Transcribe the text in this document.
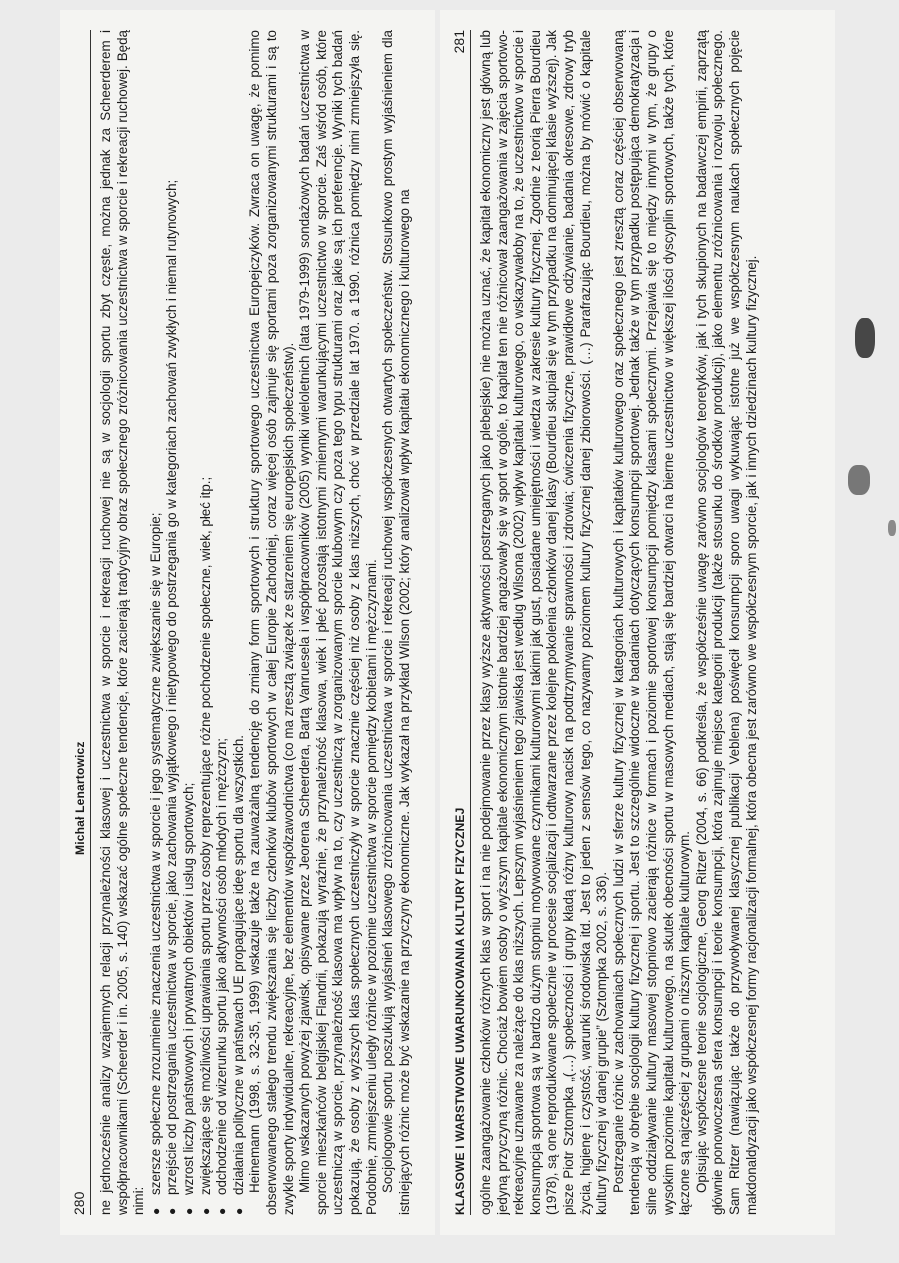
280
Michał Lenartowicz ne jednocześnie analizy wzajemnych relacji przynależności klasowej i uczestnictwa w sporcie i rekreacji ruchowej nie są w socjologii sportu zbyt częste, można jednak za Scheerderem i współpracownikami (Scheerder i in. 2005, s. 140) wskazać ogólne społeczne tendencje, które zacierają tradycyjny obraz społecznego zróżnicowania uczestnictwa w sporcie i rekreacji ruchowej. Będą nimi: ●
szersze społeczne zrozumienie znaczenia uczestnictwa w sporcie i jego systematyczne zwiększanie się w Europie;
●
przejście od postrzegania uczestnictwa w sporcie, jako zachowania wyjątkowego i nietypowego do postrzegania go w kategoriach zachowań zwykłych i niemal rutynowych;
●
wzrost liczby państwowych i prywatnych obiektów i usług sportowych;
●
zwiększające się możliwości uprawiania sportu przez osoby reprezentujące różne pochodzenie społeczne, wiek, płeć itp.;
●
odchodzenie od wizerunku sportu jako aktywności osób młodych i mężczyzn;
●
działania polityczne w państwach UE propagujące ideę sportu dla wszystkich. Heinemann (1998, s. 32-35, 1999) wskazuje także na zauważalną tendencję do zmiany form sportowych i struktury sportowego uczestnictwa Europejczyków. Zwraca on uwagę, że pomimo obserwowanego stałego trendu zwiększania się liczby członków klubów sportowych w całej Europie Zachodniej, coraz więcej osób zajmuje się sportami poza zorganizowanymi strukturami i są to zwykle sporty indywidualne, rekreacyjne, bez elementów współzawodnictwa (co ma zresztą związek ze starzeniem się europejskich społeczeństw). Mimo wskazanych powyżej zjawisk, opisywane przez Jeorena Scheerdera, Bartą Vanruesela i współpracowników (2005) wyniki wieloletnich (lata 1979-1999) sondażowych badań uczestnictwa w sporcie mieszkańców belgijskiej Flandrii, pokazują wyraźnie, że przynależność klasowa, wiek i płeć pozostają istotnymi zmiennymi warunkującymi uczestnictwo w sporcie. Zaś wśród osób, które uczestniczą w sporcie, przynależność klasowa ma wpływ na to, czy uczestniczą w zorganizowanym sporcie klubowym czy poza tego typu strukturami oraz jakie są ich preferencje. Wyniki tych badań pokazują, że osoby z wyższych klas społecznych uczestniczyły w sporcie znacznie częściej niż osoby z klas niższych, choć w przedziale lat 1970. a 1990. różnica pomiędzy nimi zmniejszyła się. Podobnie, zmniejszeniu uległy różnice w poziomie uczestnictwa w sporcie pomiędzy kobietami i mężczyznami. Socjologowie sportu poszukują wyjaśnień klasowego zróżnicowania uczestnictwa w sporcie i rekreacji ruchowej współczesnych otwartych społeczeństw. Stosunkowo prostym wyjaśnieniem dla istniejących różnic może być wskazanie na przyczyny ekonomiczne. Jak wykazał na przykład Wilson (2002; który analizował wpływ kapitału ekonomicznego i kulturowego na	KLASOWE I WARSTWOWE UWARUNKOWANIA KULTURY FIZYCZNEJ
281 ogólne zaangażowanie członków różnych klas w sport i na nie podejmowanie przez klasy wyższe aktywności postrzeganych jako plebejskie) nie można uznać, że kapitał ekonomiczny jest główną lub jedyną przyczyną różnic. Chociaż bowiem osoby o wyższym kapitale ekonomicznym istotnie bardziej angażowały się w sport w ogóle, to kapitał ten nie różnicował zaangażowania w zajęcia sportowo-rekreacyjne uznawane za należące do klas niższych. Lepszym wyjaśnieniem tego zjawiska jest według Wilsona (2002) wpływ kapitału kulturowego, co wskazywałoby na to, że uczestnictwo w sporcie i konsumpcja sportowa są w bardzo dużym stopniu motywowane czynnikami kulturowymi takimi jak gust, posiadane umiejętności i wiedza w zakresie kultury fizycznej. Zgodnie z teorią Pierra Bourdieu (1978), są one reprodukowane społecznie w procesie socjalizacji i odtwarzane przez kolejne pokolenia członków danej klasy (Bourdieu skupiał się w tym przypadku na dominującej klasie wyższej). Jak pisze Piotr Sztompka „(…) społeczności i grupy kładą różny kulturowy nacisk na podtrzymywanie sprawności i zdrowia; ćwiczenia fizyczne, prawidłowe odżywianie, badania okresowe, zdrowy tryb życia, higienę i czystość, warunki środowiska itd. Jest to jeden z sensów tego, co nazywamy poziomem kultury fizycznej danej zbiorowości. (…) Parafrazując Bourdieu, można by mówić o kapitale kultury fizycznej w danej grupie” (Sztompka 2002, s. 336). Postrzeganie różnic w zachowaniach społecznych ludzi w sferze kultury fizycznej w kategoriach kulturowych i kapitałów kulturowego oraz społecznego jest zresztą coraz częściej obserwowaną tendencją w obrębie socjologii kultury fizycznej i sportu. Jest to szczególnie widoczne w badaniach dotyczących konsumpcji sportowej. Jednak także w tym przypadku postępująca demokratyzacja i silne oddziaływanie kultury masowej stopniowo zacierają różnice w formach i poziomie sportowej konsumpcji pomiędzy klasami społecznymi. Przejawia się to między innymi w tym, że grupy o wysokim poziomie kapitału kulturowego, na skutek obecności sportu w masowych mediach, stają się bardziej otwarci na bierne uczestnictwo w większej ilości dyscyplin sportowych, także tych, które łączone są najczęściej z grupami o niższym kapitale kulturowym. Opisując współczesne teorie socjologiczne, Georg Ritzer (2004, s. 66) podkreśla, że współcześnie uwagę zarówno socjologów teoretyków, jak i tych skupionych na badawczej empirii, zaprzątą głównie ponowoczesna sfera konsumpcji i teorie konsumpcji, która zajmuje miejsce kategorii produkcji (także stosunku do środków produkcji), jako elementu zróżnicowania i rozwoju społecznego. Sam Ritzer (nawiązując także do przywoływanej klasycznej publikacji Veblena) poświęcił konsumpcji sporo uwagi wykuwając istotne już we współczesnym naukach społecznych pojęcie makdonaldyzacji jako współczesnej formy racjonalizacji formalnej, która obecna jest zarówno we współczesnym sporcie, jak i innych dziedzinach kultury fizycznej.
